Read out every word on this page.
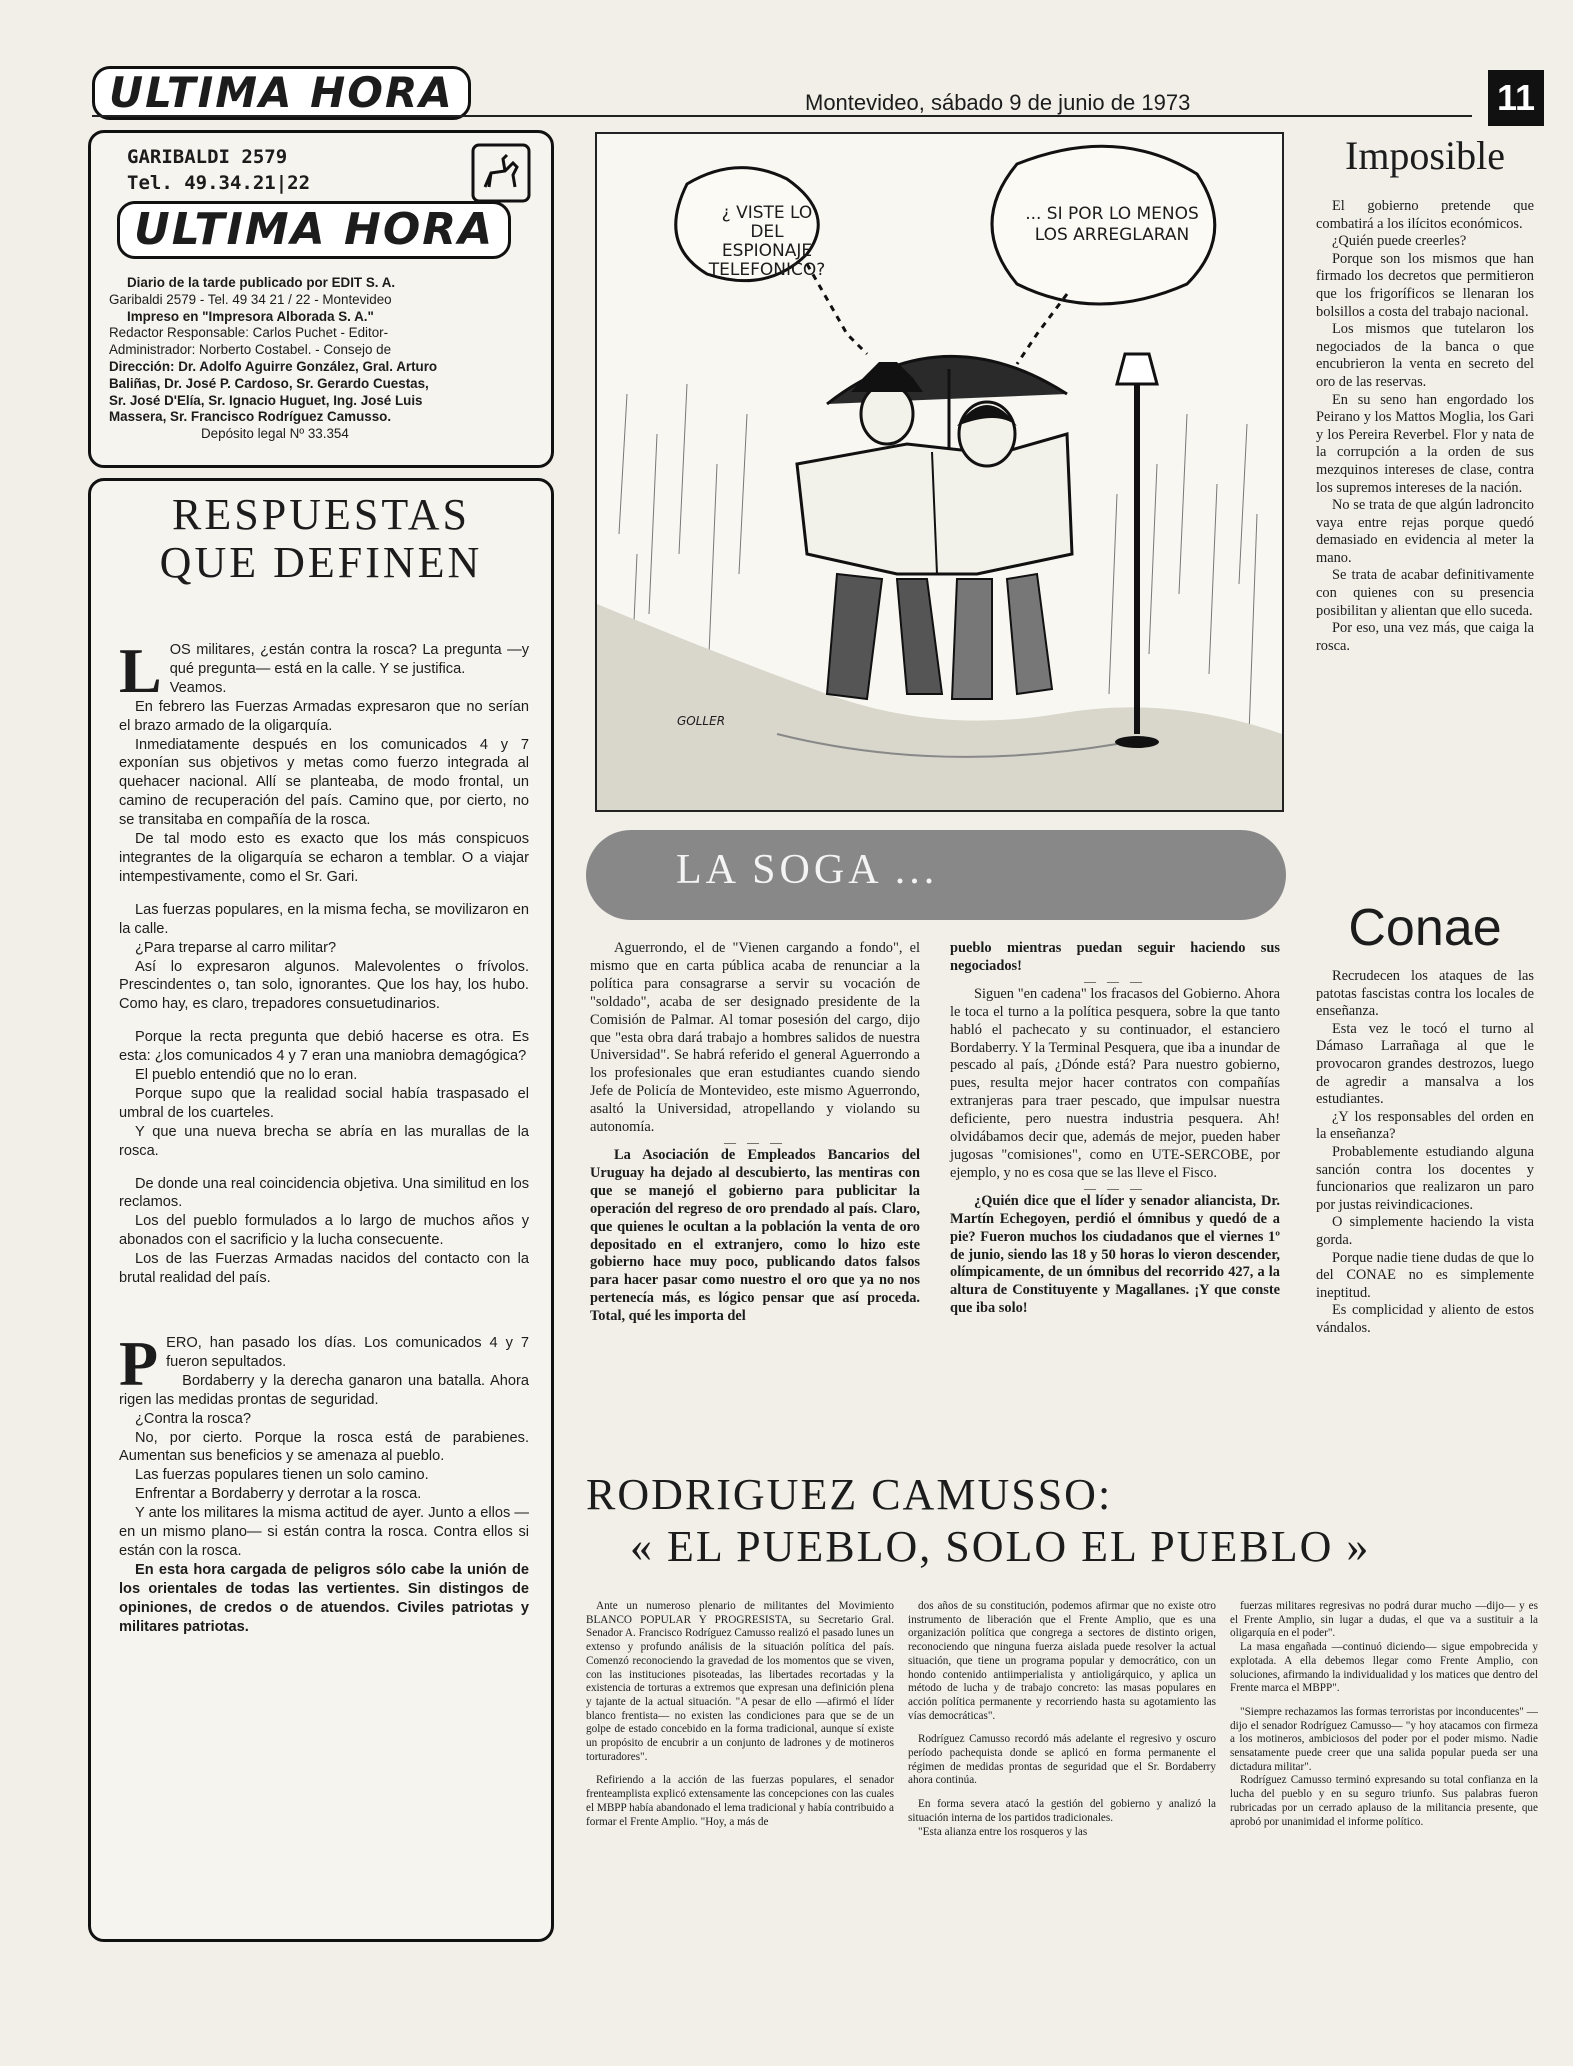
ULTIMA HORA	Montevideo, sábado 9 de junio de 1973	11
GARIBALDI 2579
Tel. 49.34.21|22
ULTIMA HORA
Diario de la tarde publicado por EDIT S. A.
Garibaldi 2579 - Tel. 49 34 21 / 22 - Montevideo
Impreso en "Impresora Alborada S. A."
Redactor Responsable: Carlos Puchet - Editor-
Administrador: Norberto Costabel. - Consejo de
Dirección: Dr. Adolfo Aguirre González, Gral. Arturo
Baliñas, Dr. José P. Cardoso, Sr. Gerardo Cuestas,
Sr. José D'Elía, Sr. Ignacio Huguet, Ing. José Luis
Massera, Sr. Francisco Rodríguez Camusso.
Depósito legal Nº 33.354
RESPUESTAS
QUE DEFINEN
LOS militares, ¿están contra la rosca? La pregunta —y qué pregunta— está en la calle. Y se justifica.

Veamos.

En febrero las Fuerzas Armadas expresaron que no serían el brazo armado de la oligarquía.

Inmediatamente después en los comunicados 4 y 7 exponían sus objetivos y metas como fuerzo integrada al quehacer nacional. Allí se planteaba, de modo frontal, un camino de recuperación del país. Camino que, por cierto, no se transitaba en compañía de la rosca.

De tal modo esto es exacto que los más conspicuos integrantes de la oligarquía se echaron a temblar. O a viajar intempestivamente, como el Sr. Gari.

Las fuerzas populares, en la misma fecha, se movilizaron en la calle.

¿Para treparse al carro militar?

Así lo expresaron algunos. Malevolentes o frívolos. Prescindentes o, tan solo, ignorantes. Que los hay, los hubo. Como hay, es claro, trepadores consuetudinarios.

Porque la recta pregunta que debió hacerse es otra. Es esta: ¿los comunicados 4 y 7 eran una maniobra demagógica?

El pueblo entendió que no lo eran.

Porque supo que la realidad social había traspasado el umbral de los cuarteles.

Y que una nueva brecha se abría en las murallas de la rosca.

De donde una real coincidencia objetiva. Una similitud en los reclamos.

Los del pueblo formulados a lo largo de muchos años y abonados con el sacrificio y la lucha consecuente.

Los de las Fuerzas Armadas nacidos del contacto con la brutal realidad del país.

PERO, han pasado los días. Los comunicados 4 y 7 fueron sepultados.

Bordaberry y la derecha ganaron una batalla. Ahora rigen las medidas prontas de seguridad.

¿Contra la rosca?

No, por cierto. Porque la rosca está de parabienes. Aumentan sus beneficios y se amenaza al pueblo.

Las fuerzas populares tienen un solo camino.

Enfrentar a Bordaberry y derrotar a la rosca.

Y ante los militares la misma actitud de ayer. Junto a ellos —en un mismo plano— si están contra la rosca. Contra ellos si están con la rosca.

En esta hora cargada de peligros sólo cabe la unión de los orientales de todas las vertientes. Sin distingos de opiniones, de credos o de atuendos. Civiles patriotas y militares patriotas.

¿ VISTE LO DEL ESPIONAJE TELEFONICO?
... SI POR LO MENOS LOS ARREGLARAN
GOLLER
LA SOGA ...

Aguerrondo, el de "Vienen cargando a fondo", el mismo que en carta pública acaba de renunciar a la política para consagrarse a servir su vocación de "soldado", acaba de ser designado presidente de la Comisión de Palmar. Al tomar posesión del cargo, dijo que "esta obra dará trabajo a hombres salidos de nuestra Universidad". Se habrá referido el general Aguerrondo a los profesionales que eran estudiantes cuando siendo Jefe de Policía de Montevideo, este mismo Aguerrondo, asaltó la Universidad, atropellando y violando su autonomía.

— — —

La Asociación de Empleados Bancarios del Uruguay ha dejado al descubierto, las mentiras con que se manejó el gobierno para publicitar la operación del regreso de oro prendado al país. Claro, que quienes le ocultan a la población la venta de oro depositado en el extranjero, como lo hizo este gobierno hace muy poco, publicando datos falsos para hacer pasar como nuestro el oro que ya no nos pertenecía más, es lógico pensar que así proceda. Total, qué les importa del

pueblo mientras puedan seguir haciendo sus negociados!

— — —

Siguen "en cadena" los fracasos del Gobierno. Ahora le toca el turno a la política pesquera, sobre la que tanto habló el pachecato y su continuador, el estanciero Bordaberry. Y la Terminal Pesquera, que iba a inundar de pescado al país, ¿Dónde está? Para nuestro gobierno, pues, resulta mejor hacer contratos con compañías extranjeras para traer pescado, que impulsar nuestra deficiente, pero nuestra industria pesquera. Ah! olvidábamos decir que, además de mejor, pueden haber jugosas "comisiones", como en UTE-SERCOBE, por ejemplo, y no es cosa que se las lleve el Fisco.

— — —

¿Quién dice que el líder y senador aliancista, Dr. Martín Echegoyen, perdió el ómnibus y quedó de a pie? Fueron muchos los ciudadanos que el viernes 1º de junio, siendo las 18 y 50 horas lo vieron descender, olímpicamente, de un ómnibus del recorrido 427, a la altura de Constituyente y Magallanes. ¡Y que conste que iba solo!

Imposible

El gobierno pretende que combatirá a los ilícitos económicos.

¿Quién puede creerles?

Porque son los mismos que han firmado los decretos que permitieron que los frigoríficos se llenaran los bolsillos a costa del trabajo nacional.

Los mismos que tutelaron los negociados de la banca o que encubrieron la venta en secreto del oro de las reservas.

En su seno han engordado los Peirano y los Mattos Moglia, los Gari y los Pereira Reverbel. Flor y nata de la corrupción a la orden de sus mezquinos intereses de clase, contra los supremos intereses de la nación.

No se trata de que algún ladroncito vaya entre rejas porque quedó demasiado en evidencia al meter la mano.

Se trata de acabar definitivamente con quienes con su presencia posibilitan y alientan que ello suceda.

Por eso, una vez más, que caiga la rosca.

Conae

Recrudecen los ataques de las patotas fascistas contra los locales de enseñanza.

Esta vez le tocó el turno al Dámaso Larrañaga al que le provocaron grandes destrozos, luego de agredir a mansalva a los estudiantes.

¿Y los responsables del orden en la enseñanza?

Probablemente estudiando alguna sanción contra los docentes y funcionarios que realizaron un paro por justas reivindicaciones.

O simplemente haciendo la vista gorda.

Porque nadie tiene dudas de que lo del CONAE no es simplemente ineptitud.

Es complicidad y aliento de estos vándalos.

RODRIGUEZ CAMUSSO:
« EL PUEBLO, SOLO EL PUEBLO »

Ante un numeroso plenario de militantes del Movimiento BLANCO POPULAR Y PROGRESISTA, su Secretario Gral. Senador A. Francisco Rodríguez Camusso realizó el pasado lunes un extenso y profundo análisis de la situación política del país. Comenzó reconociendo la gravedad de los momentos que se viven, con las instituciones pisoteadas, las libertades recortadas y la existencia de torturas a extremos que expresan una definición plena y tajante de la actual situación. "A pesar de ello —afirmó el líder blanco frentista— no existen las condiciones para que se de un golpe de estado concebido en la forma tradicional, aunque sí existe un propósito de encubrir a un conjunto de ladrones y de motineros torturadores".

Refiriendo a la acción de las fuerzas populares, el senador frenteamplista explicó extensamente las concepciones con las cuales el MBPP había abandonado el lema tradicional y había contribuido a formar el Frente Amplio. "Hoy, a más de

dos años de su constitución, podemos afirmar que no existe otro instrumento de liberación que el Frente Amplio, que es una organización política que congrega a sectores de distinto origen, reconociendo que ninguna fuerza aislada puede resolver la actual situación, que tiene un programa popular y democrático, con un hondo contenido antiimperialista y antioligárquico, y aplica un método de lucha y de trabajo concreto: las masas populares en acción política permanente y recorriendo hasta su agotamiento las vías democráticas".

Rodríguez Camusso recordó más adelante el regresivo y oscuro período pachequista donde se aplicó en forma permanente el régimen de medidas prontas de seguridad que el Sr. Bordaberry ahora continúa.

En forma severa atacó la gestión del gobierno y analizó la situación interna de los partidos tradicionales.

"Esta alianza entre los rosqueros y las

fuerzas militares regresivas no podrá durar mucho —dijo— y es el Frente Amplio, sin lugar a dudas, el que va a sustituir a la oligarquía en el poder".

La masa engañada —continuó diciendo— sigue empobrecida y explotada. A ella debemos llegar como Frente Amplio, con soluciones, afirmando la individualidad y los matices que dentro del Frente marca el MBPP".

"Siempre rechazamos las formas terroristas por inconducentes" —dijo el senador Rodríguez Camusso— "y hoy atacamos con firmeza a los motineros, ambiciosos del poder por el poder mismo. Nadie sensatamente puede creer que una salida popular pueda ser una dictadura militar".

Rodríguez Camusso terminó expresando su total confianza en la lucha del pueblo y en su seguro triunfo. Sus palabras fueron rubricadas por un cerrado aplauso de la militancia presente, que aprobó por unanimidad el informe político.
